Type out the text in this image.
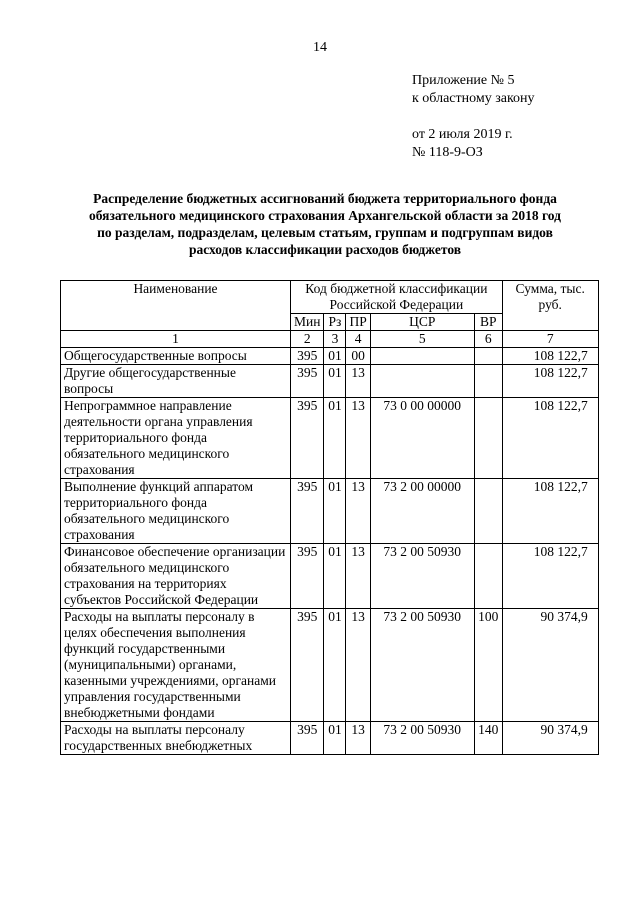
14
Приложение № 5
к областному закону
от 2 июля 2019 г.
№ 118-9-ОЗ
Распределение бюджетных ассигнований бюджета территориального фонда
обязательного медицинского страхования Архангельской области за 2018 год
по разделам, подразделам, целевым статьям, группам и подгруппам видов
расходов классификации расходов бюджетов
Наименование	Код бюджетной классификации Российской Федерации					Сумма, тыс. руб.
	Мин	Рз	ПР	ЦСР	ВР	
1	2	3	4	5	6	7
Общегосударственные вопросы	395	01	00			108 122,7
Другие общегосударственные вопросы	395	01	13			108 122,7
Непрограммное направление деятельности органа управления территориального фонда обязательного медицинского страхования	395	01	13	73 0 00 00000		108 122,7
Выполнение функций аппаратом территориального фонда обязательного медицинского страхования	395	01	13	73 2 00 00000		108 122,7
Финансовое обеспечение организации обязательного медицинского страхования на территориях субъектов Российской Федерации	395	01	13	73 2 00 50930		108 122,7
Расходы на выплаты персоналу в целях обеспечения выполнения функций государственными (муниципальными) органами, казенными учреждениями, органами управления государственными внебюджетными фондами	395	01	13	73 2 00 50930	100	90 374,9
Расходы на выплаты персоналу государственных внебюджетных	395	01	13	73 2 00 50930	140	90 374,9
